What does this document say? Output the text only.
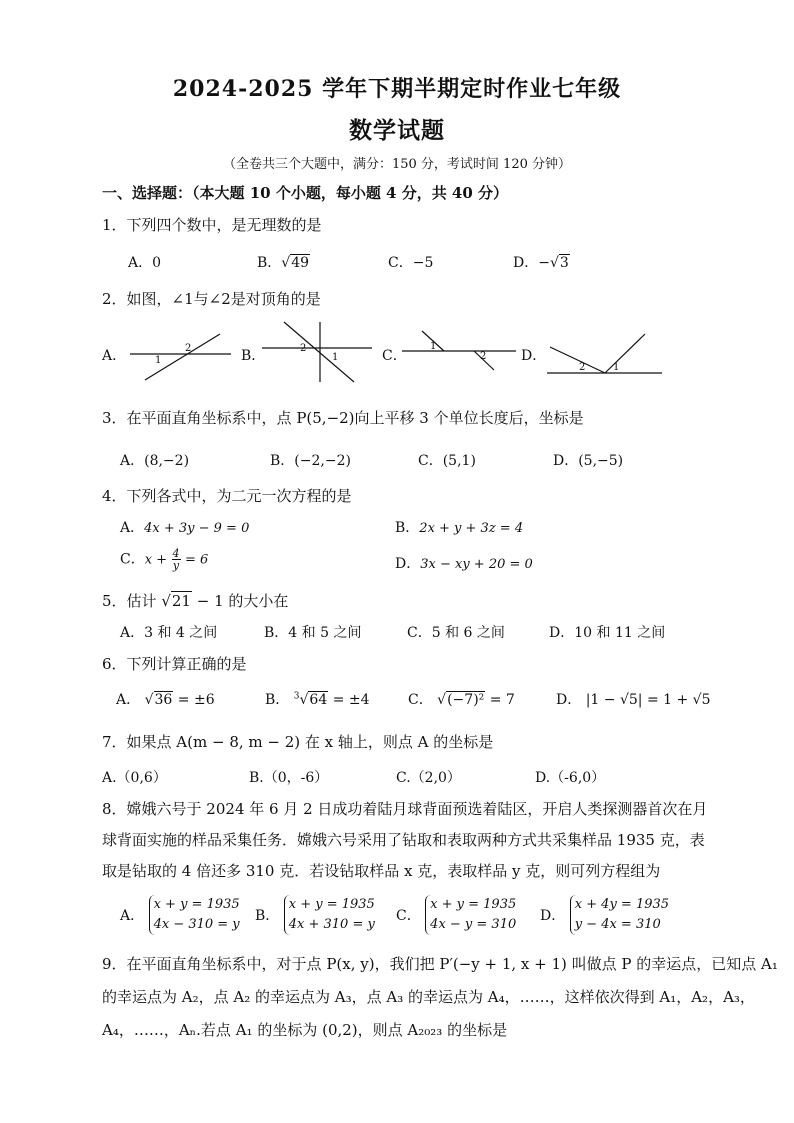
2024-2025 学年下期半期定时作业七年级
数学试题
（全卷共三个大题中，满分：150 分，考试时间 120 分钟）
一、选择题：（本大题 10 个小题，每小题 4 分，共 40 分）
1．下列四个数中，是无理数的是
A．0	B．√49	C．−5	D．−√3
2．如图，∠1与∠2是对顶角的是
A．	1
2	B．	2
1	C．
1
2 D．
2	1
3．在平面直角坐标系中，点 P(5,−2)向上平移 3 个单位长度后，坐标是
A．(8,−2)	B．(−2,−2)	C．(5,1)	D．(5,−5)
4．下列各式中，为二元一次方程的是
A．4x + 3y − 9 = 0	B．2x + y + 3z = 4
C．$x + \frac{4}{y} = 6$	D．3x − xy + 20 = 0
5．估计 √21 − 1 的大小在
A．3 和 4 之间	B．4 和 5 之间	C．5 和 6 之间	D．10 和 11 之间
6．下列计算正确的是
A． √36 = ±6	B． $^3$√64 = ±4	C． √(−7)² = 7	D． |1 − √5| = 1 + √5
7．如果点 A(m − 8, m − 2) 在 x 轴上，则点 A 的坐标是
A.（0,6）	B.（0，-6）	C.（2,0）	D.（-6,0）
8．嫦娥六号于 2024 年 6 月 2 日成功着陆月球背面预选着陆区，开启人类探测器首次在月
球背面实施的样品采集任务．嫦娥六号采用了钻取和表取两种方式共采集样品 1935 克，表
取是钻取的 4 倍还多 310 克．若设钻取样品 x 克，表取样品 y 克，则可列方程组为
A． x + y = 1935
4x − 310 = y
B． x + y = 1935
4x + 310 = y
C． x + y = 1935
4x − y = 310
D． x + 4y = 1935
y − 4x = 310
9．在平面直角坐标系中，对于点 P(x, y)，我们把 P′(−y + 1, x + 1) 叫做点 P 的幸运点，已知点 A₁
的幸运点为 A₂，点 A₂ 的幸运点为 A₃，点 A₃ 的幸运点为 A₄，……，这样依次得到 A₁，A₂，A₃，
A₄，……，Aₙ.若点 A₁ 的坐标为 (0,2)，则点 A₂₀₂₃ 的坐标是
